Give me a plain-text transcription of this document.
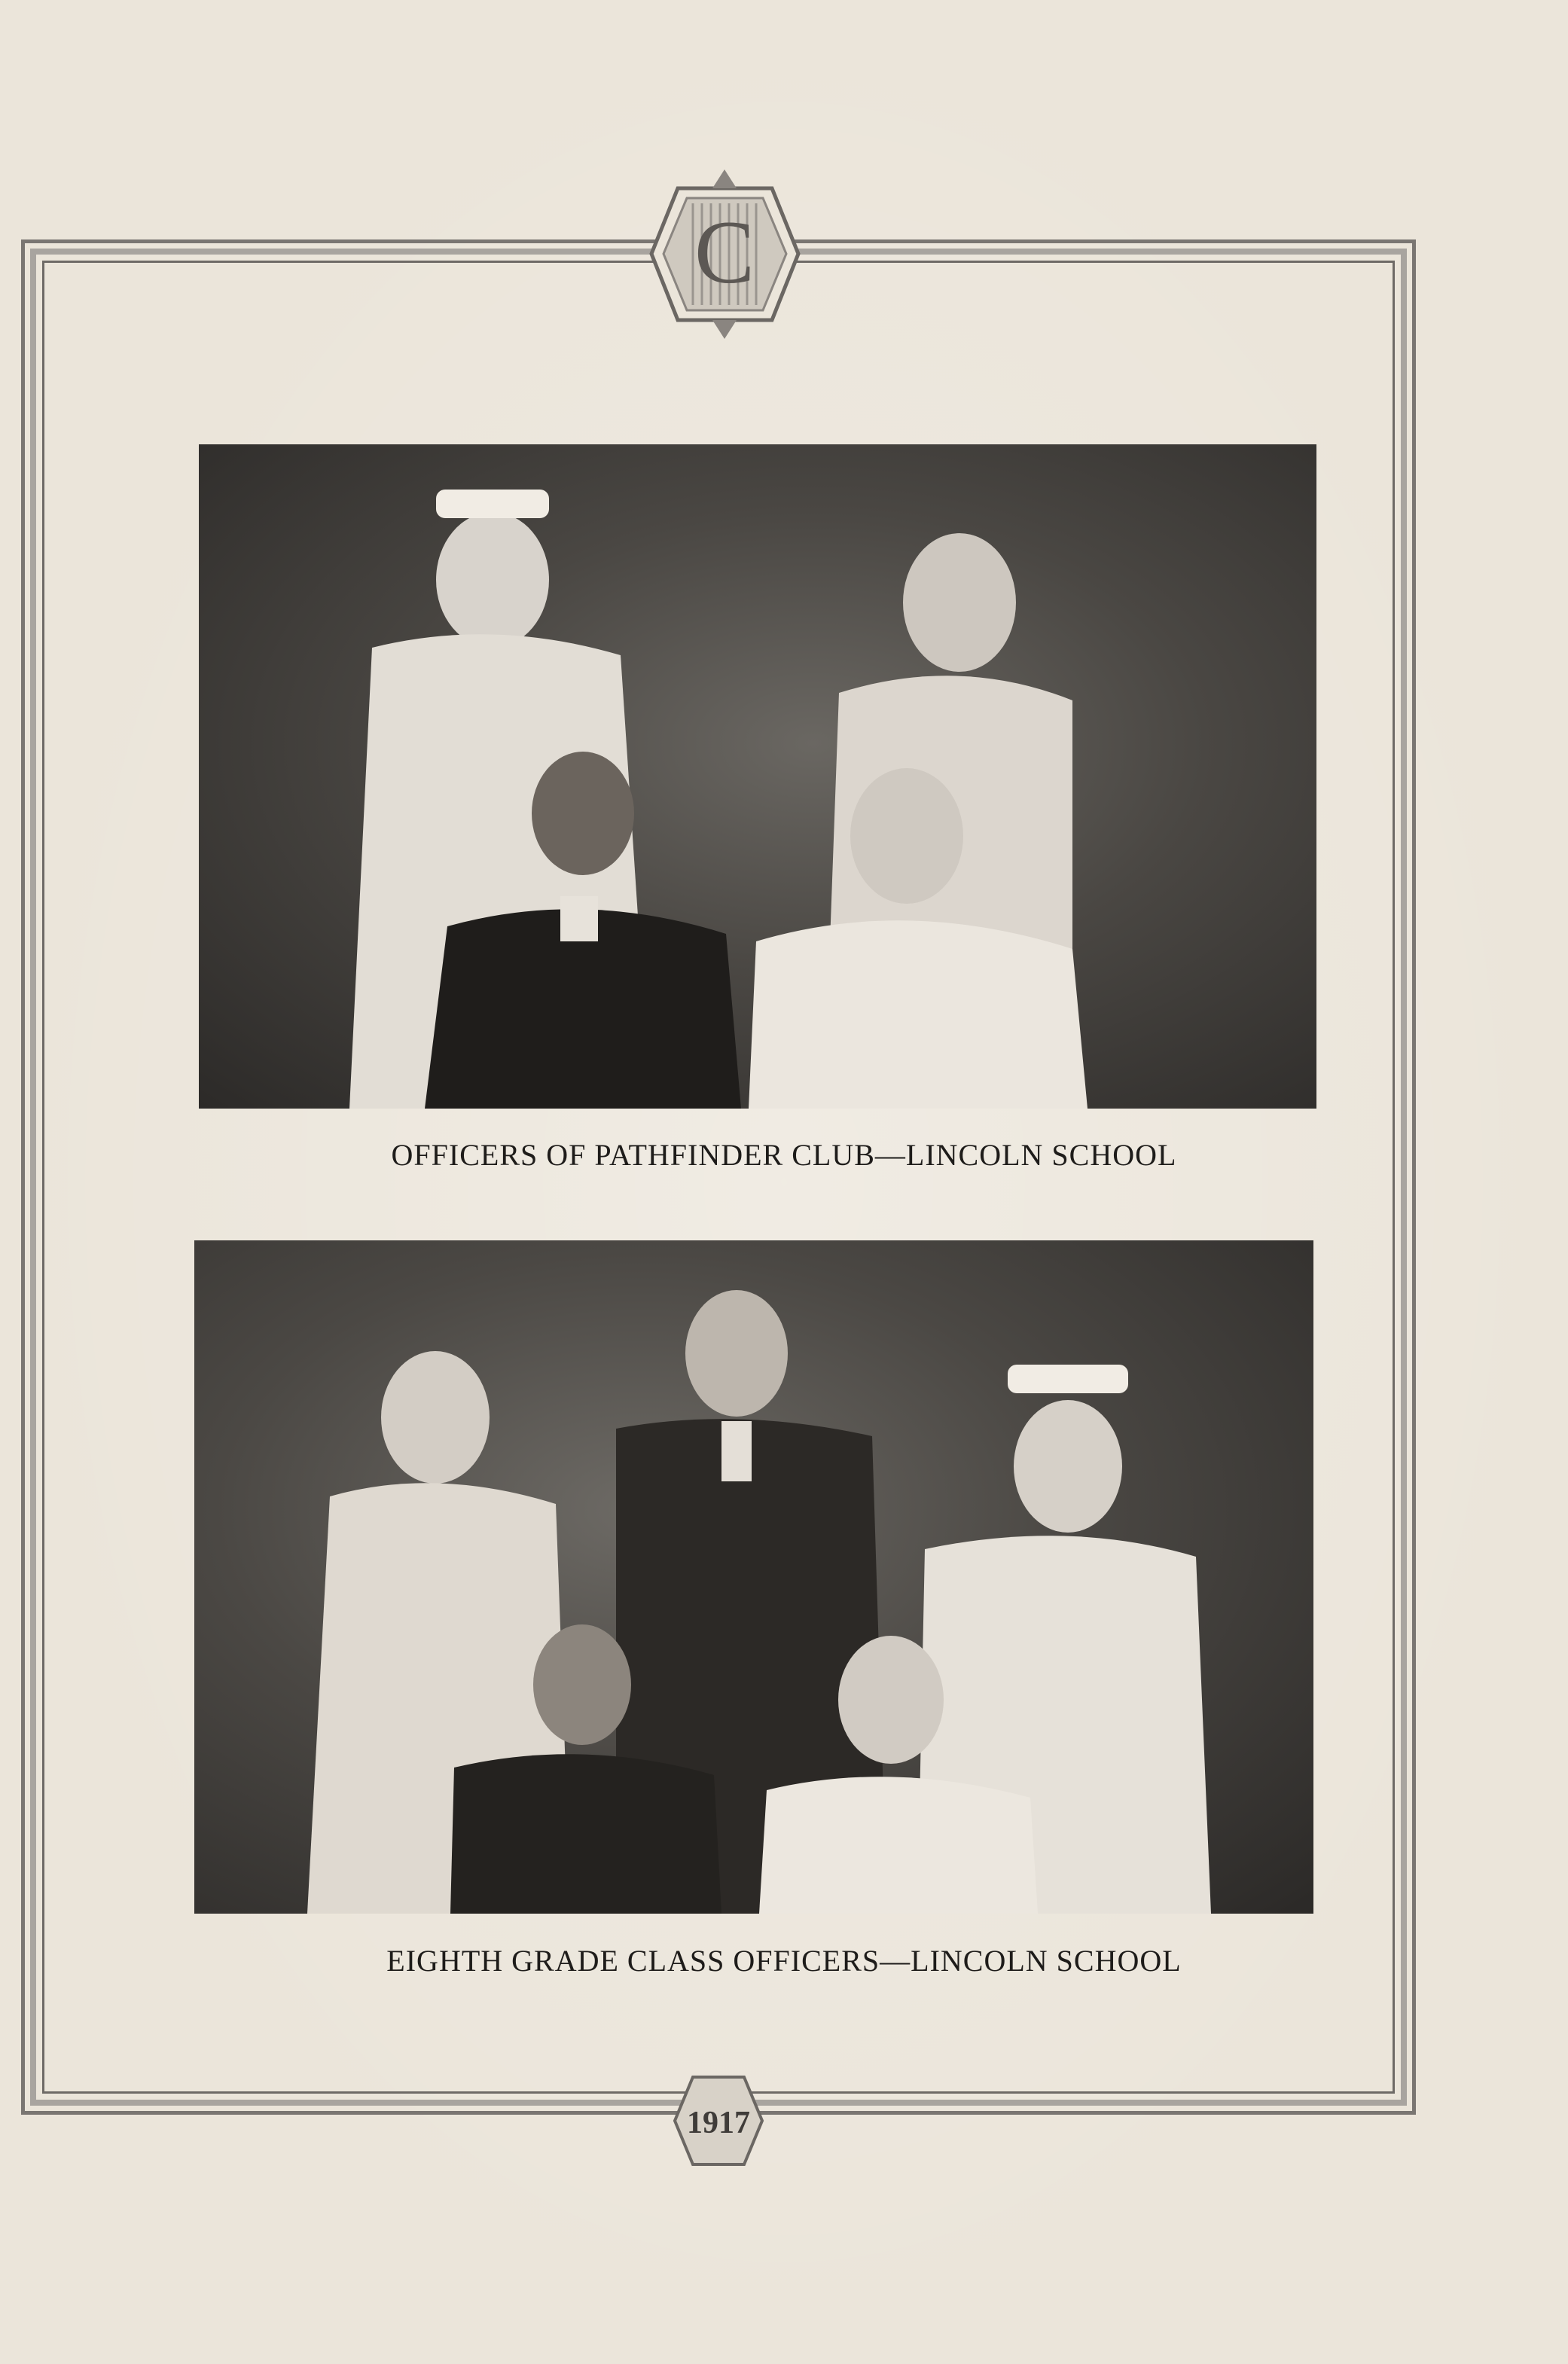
C
OFFICERS OF PATHFINDER CLUB—LINCOLN SCHOOL
EIGHTH GRADE CLASS OFFICERS—LINCOLN SCHOOL
1917
